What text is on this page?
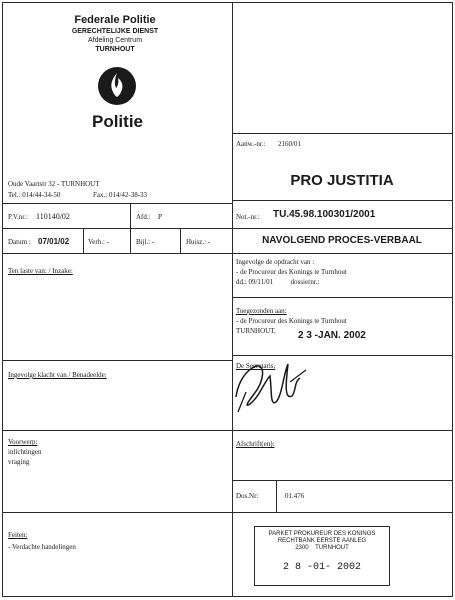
Federale Politie
GERECHTELIJKE DIENST
Afdeling Centrum
TURNHOUT
Politie
Oude Vaartstr 32 - TURNHOUT
Tel.: 014/44-34-50	Fax.: 014/42-38-33
Aanw.-nr.: 2160/01
PRO JUSTITIA
P.V.nr.: 110140/02	Afd.: P	Not.-nr.: TU.45.98.100301/2001
Datum : 07/01/02	Verh.: -	Bijl.: -	Huisz.: -	NAVOLGEND PROCES-VERBAAL
Ten laste van: / Inzake:
Ingevolge de opdracht van :
- de Procureur des Konings te Turnhout
dd.: 09/11/01          dossiernr.:
Toegezonden aan:
- de Procureur des Konings te Turnhout
TURNHOUT, 2 3 -JAN. 2002
Ingevolge klacht van / Benadeelde:
De Secretaris,
Voorwerp:
inlichtingen
vraging
Afschrift(en):
Dos.Nr:	01.476
Feiten:
- Verdachte handelingen
PARKET PROKUREUR DES KONINGS
RECHTBANK EERSTE AANLEG
2300    TURNHOUT
2 8 -01- 2002
